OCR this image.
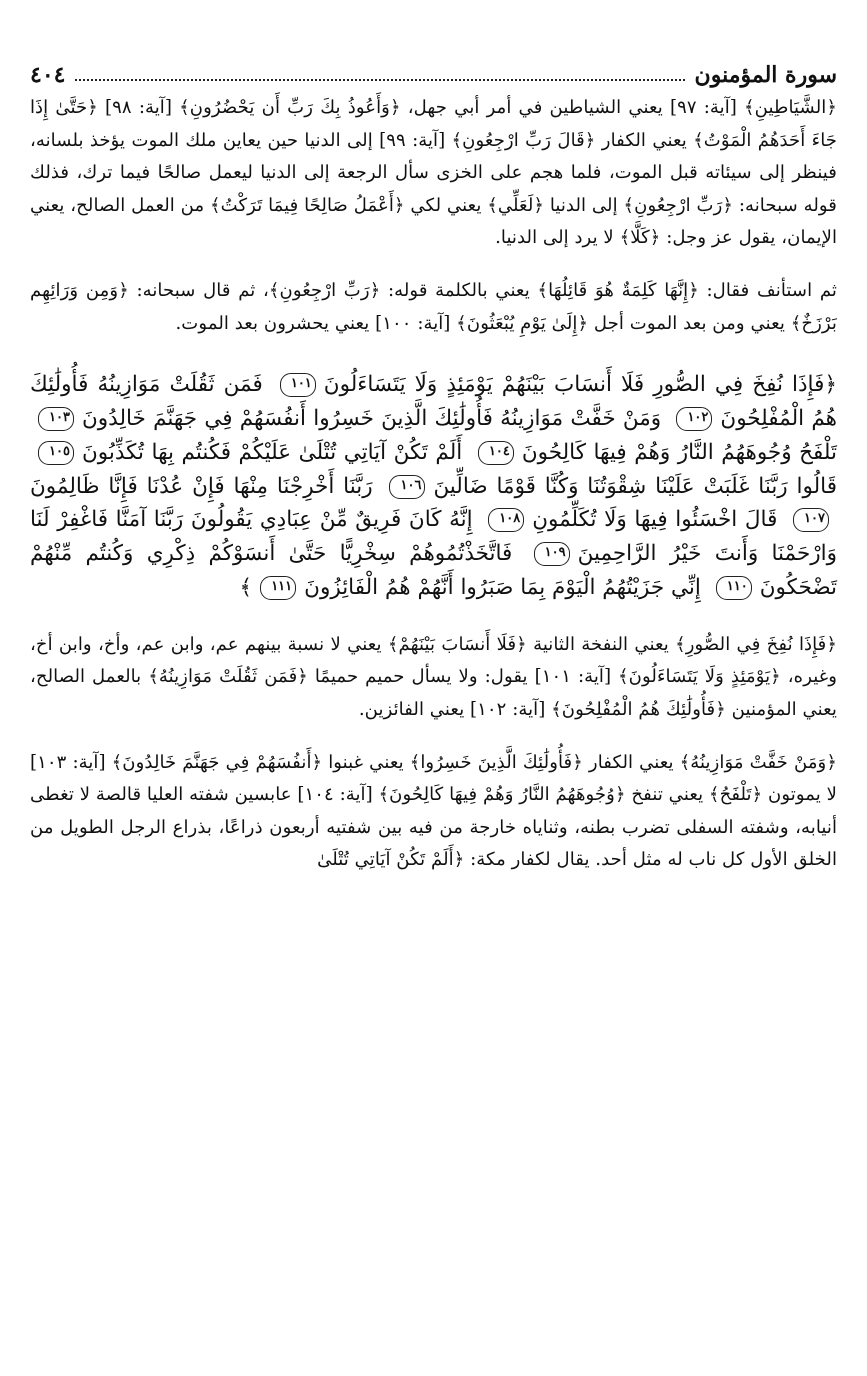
سورة المؤمنون
٤٠٤

﴿الشَّيَاطِينِ﴾ [آية: ٩٧] يعني الشياطين في أمر أبي جهل، ﴿وَأَعُوذُ بِكَ رَبِّ أَن يَحْضُرُونِ﴾ [آية: ٩٨] ﴿حَتَّىٰ إِذَا جَاءَ أَحَدَهُمُ الْمَوْتُ﴾ يعني الكفار ﴿قَالَ رَبِّ ارْجِعُونِ﴾ [آية: ٩٩] إلى الدنيا حين يعاين ملك الموت يؤخذ بلسانه، فينظر إلى سيئاته قبل الموت، فلما هجم على الخزى سأل الرجعة إلى الدنيا ليعمل صالحًا فيما ترك، فذلك قوله سبحانه: ﴿رَبِّ ارْجِعُونِ﴾ إلى الدنيا ﴿لَعَلِّي﴾ يعني لكي ﴿أَعْمَلُ صَالِحًا فِيمَا تَرَكْتُ﴾ من العمل الصالح، يعني الإيمان، يقول عز وجل: ﴿كَلَّا﴾ لا يرد إلى الدنيا.

ثم استأنف فقال: ﴿إِنَّهَا كَلِمَةٌ هُوَ قَائِلُهَا﴾ يعني بالكلمة قوله: ﴿رَبِّ ارْجِعُونِ﴾، ثم قال سبحانه: ﴿وَمِن وَرَائِهِم بَرْزَخٌ﴾ يعني ومن بعد الموت أجل ﴿إِلَىٰ يَوْمِ يُبْعَثُونَ﴾ [آية: ١٠٠] يعني يحشرون بعد الموت.

﴿فَإِذَا نُفِخَ فِي الصُّورِ فَلَا أَنسَابَ بَيْنَهُمْ يَوْمَئِذٍ وَلَا يَتَسَاءَلُونَ١٠١ فَمَن ثَقُلَتْ مَوَازِينُهُ فَأُولَٰئِكَ هُمُ الْمُفْلِحُونَ١٠٢ وَمَنْ خَفَّتْ مَوَازِينُهُ فَأُولَٰئِكَ الَّذِينَ خَسِرُوا أَنفُسَهُمْ فِي جَهَنَّمَ خَالِدُونَ١٠٣ تَلْفَحُ وُجُوهَهُمُ النَّارُ وَهُمْ فِيهَا كَالِحُونَ١٠٤ أَلَمْ تَكُنْ آيَاتِي تُتْلَىٰ عَلَيْكُمْ فَكُنتُم بِهَا تُكَذِّبُونَ١٠٥ قَالُوا رَبَّنَا غَلَبَتْ عَلَيْنَا شِقْوَتُنَا وَكُنَّا قَوْمًا ضَالِّينَ١٠٦ رَبَّنَا أَخْرِجْنَا مِنْهَا فَإِنْ عُدْنَا فَإِنَّا ظَالِمُونَ١٠٧ قَالَ اخْسَئُوا فِيهَا وَلَا تُكَلِّمُونِ١٠٨ إِنَّهُ كَانَ فَرِيقٌ مِّنْ عِبَادِي يَقُولُونَ رَبَّنَا آمَنَّا فَاغْفِرْ لَنَا وَارْحَمْنَا وَأَنتَ خَيْرُ الرَّاحِمِينَ١٠٩ فَاتَّخَذْتُمُوهُمْ سِخْرِيًّا حَتَّىٰ أَنسَوْكُمْ ذِكْرِي وَكُنتُم مِّنْهُمْ تَضْحَكُونَ١١٠ إِنِّي جَزَيْتُهُمُ الْيَوْمَ بِمَا صَبَرُوا أَنَّهُمْ هُمُ الْفَائِزُونَ١١١﴾

﴿فَإِذَا نُفِخَ فِي الصُّورِ﴾ يعني النفخة الثانية ﴿فَلَا أَنسَابَ بَيْنَهُمْ﴾ يعني لا نسبة بينهم عم، وابن عم، وأخ، وابن أخ، وغيره، ﴿يَوْمَئِذٍ وَلَا يَتَسَاءَلُونَ﴾ [آية: ١٠١] يقول: ولا يسأل حميم حميمًا ﴿فَمَن ثَقُلَتْ مَوَازِينُهُ﴾ بالعمل الصالح، يعني المؤمنين ﴿فَأُولَٰئِكَ هُمُ الْمُفْلِحُونَ﴾ [آية: ١٠٢] يعني الفائزين.

﴿وَمَنْ خَفَّتْ مَوَازِينُهُ﴾ يعني الكفار ﴿فَأُولَٰئِكَ الَّذِينَ خَسِرُوا﴾ يعني غبنوا ﴿أَنفُسَهُمْ فِي جَهَنَّمَ خَالِدُونَ﴾ [آية: ١٠٣] لا يموتون ﴿تَلْفَحُ﴾ يعني تنفخ ﴿وُجُوهَهُمُ النَّارُ وَهُمْ فِيهَا كَالِحُونَ﴾ [آية: ١٠٤] عابسين شفته العليا قالصة لا تغطى أنيابه، وشفته السفلى تضرب بطنه، وثناياه خارجة من فيه بين شفتيه أربعون ذراعًا، بذراع الرجل الطويل من الخلق الأول كل ناب له مثل أحد. يقال لكفار مكة: ﴿أَلَمْ تَكُنْ آيَاتِي تُتْلَىٰ
